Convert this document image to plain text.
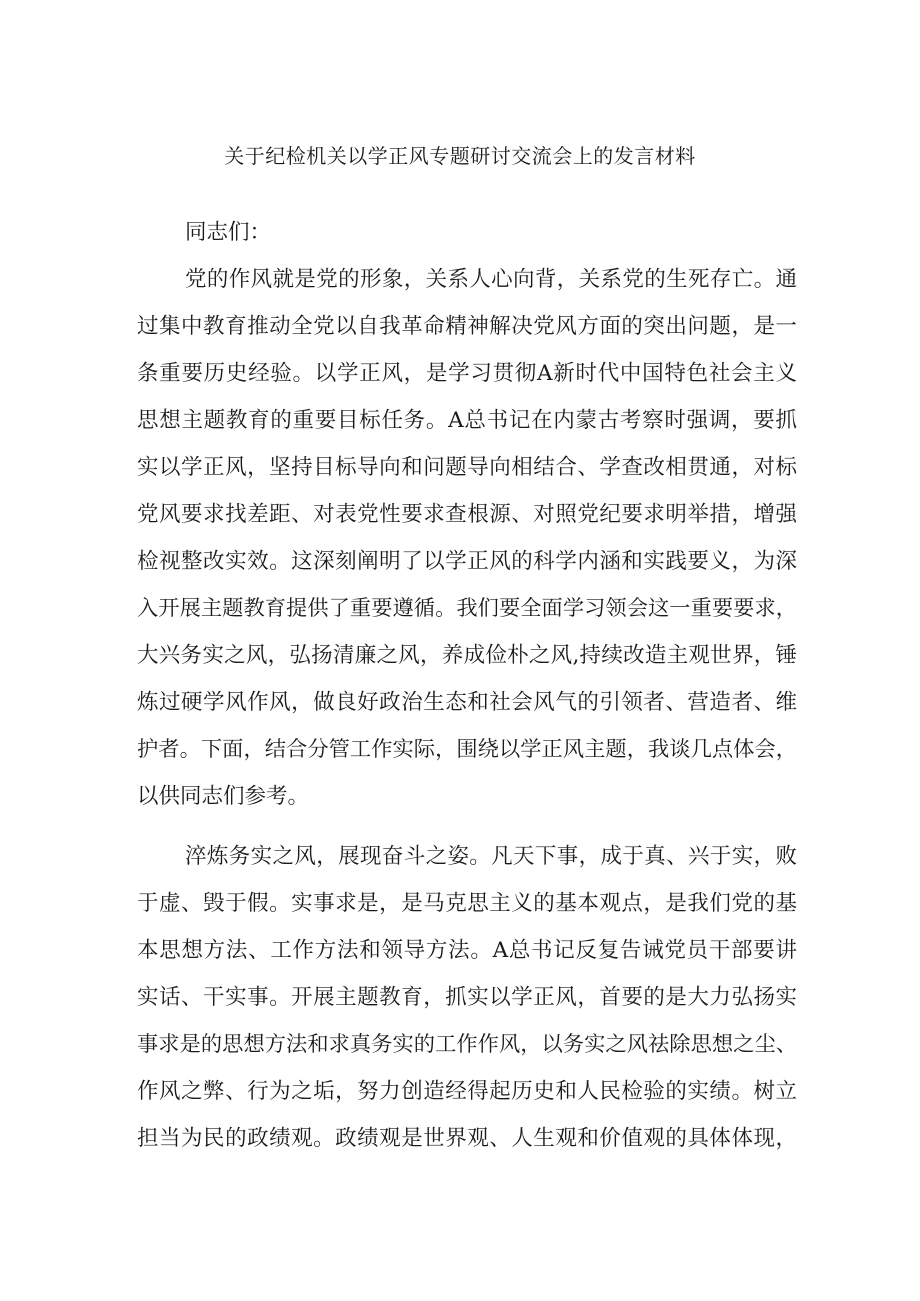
关于纪检机关以学正风专题研讨交流会上的发言材料

同志们：

党的作风就是党的形象，关系人心向背，关系党的生死存亡。通

过集中教育推动全党以自我革命精神解决党风方面的突出问题，是一

条重要历史经验。以学正风，是学习贯彻A新时代中国特色社会主义

思想主题教育的重要目标任务。A总书记在内蒙古考察时强调，要抓

实以学正风，坚持目标导向和问题导向相结合、学查改相贯通，对标

党风要求找差距、对表党性要求查根源、对照党纪要求明举措，增强

检视整改实效。这深刻阐明了以学正风的科学内涵和实践要义，为深

入开展主题教育提供了重要遵循。我们要全面学习领会这一重要要求，

大兴务实之风，弘扬清廉之风，养成俭朴之风,持续改造主观世界，锤

炼过硬学风作风，做良好政治生态和社会风气的引领者、营造者、维

护者。下面，结合分管工作实际，围绕以学正风主题，我谈几点体会，

以供同志们参考。

淬炼务实之风，展现奋斗之姿。凡天下事，成于真、兴于实，败

于虚、毁于假。实事求是，是马克思主义的基本观点，是我们党的基

本思想方法、工作方法和领导方法。A总书记反复告诫党员干部要讲

实话、干实事。开展主题教育，抓实以学正风，首要的是大力弘扬实

事求是的思想方法和求真务实的工作作风，以务实之风祛除思想之尘、

作风之弊、行为之垢，努力创造经得起历史和人民检验的实绩。树立

担当为民的政绩观。政绩观是世界观、人生观和价值观的具体体现，
